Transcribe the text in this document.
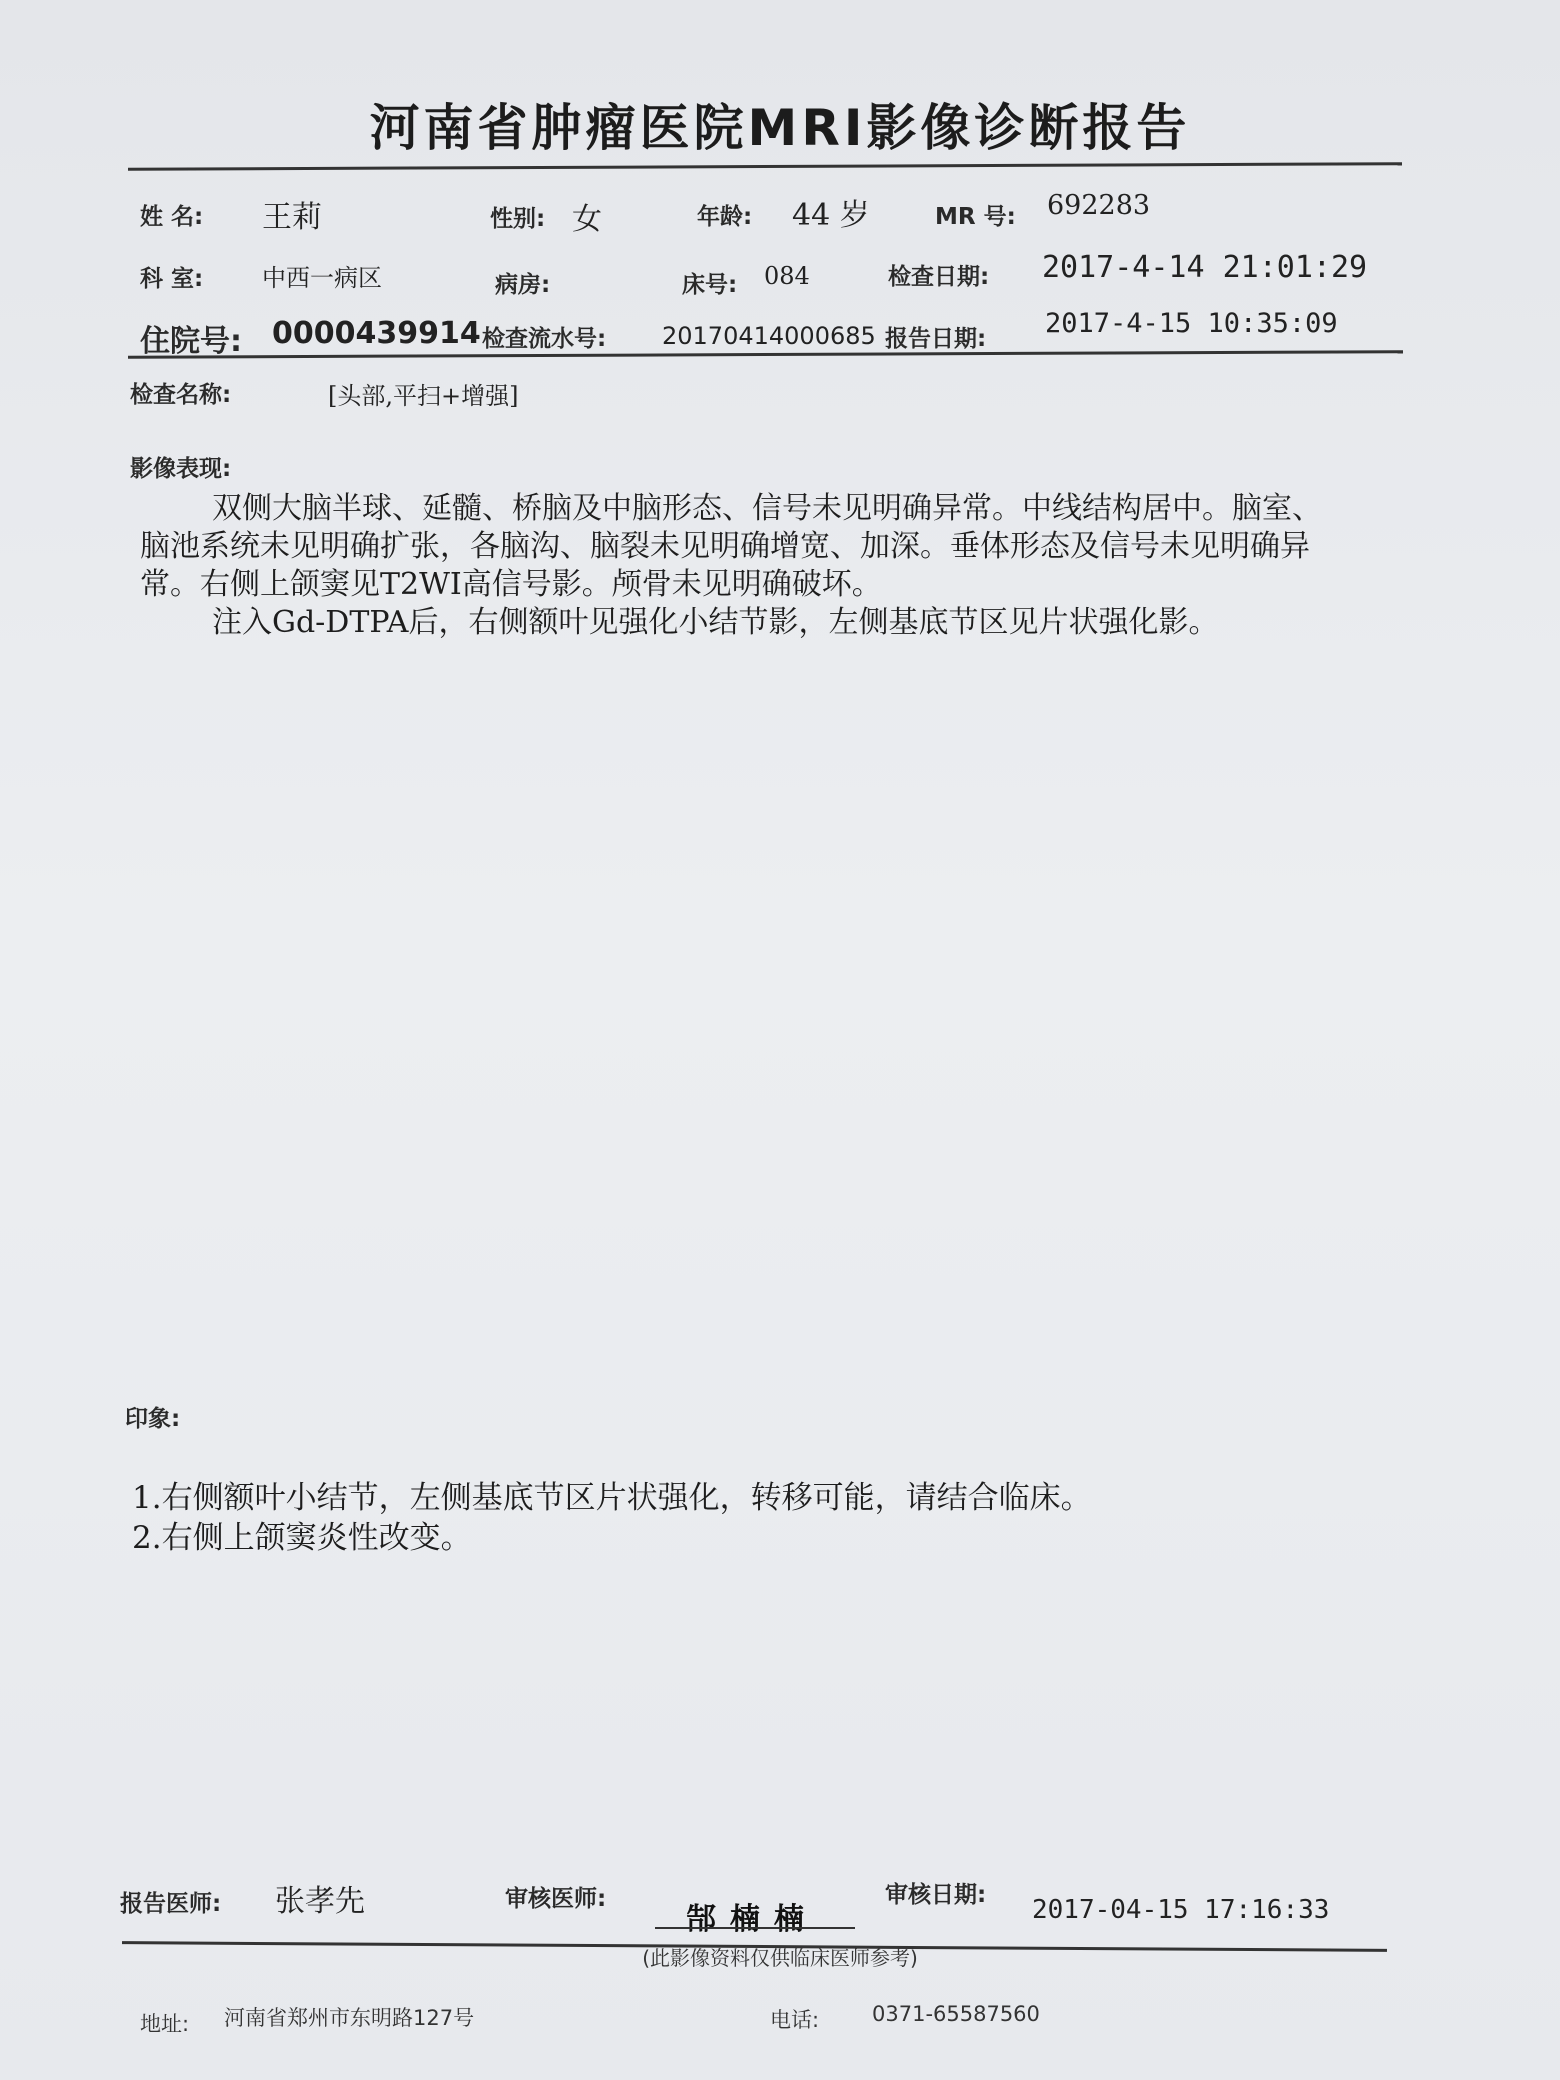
河南省肿瘤医院MRI影像诊断报告
姓 名: 王莉	性别: 女	年龄: 44 岁	MR 号: 692283
科 室: 中西一病区	病房:	床号: 084	检查日期: 2017-4-14 21:01:29
住院号: 0000439914 检查流水号: 20170414000685 报告日期: 2017-4-15 10:35:09
检查名称:	[头部,平扫+增强]
影像表现:

双侧大脑半球、延髓、桥脑及中脑形态、信号未见明确异常。中线结构居中。脑室、脑池系统未见明确扩张，各脑沟、脑裂未见明确增宽、加深。垂体形态及信号未见明确异常。右侧上颌窦见T2WI高信号影。颅骨未见明确破坏。

注入Gd-DTPA后，右侧额叶见强化小结节影，左侧基底节区见片状强化影。

印象:
1.右侧额叶小结节，左侧基底节区片状强化，转移可能，请结合临床。
2.右侧上颌窦炎性改变。
报告医师: 张孝先	审核医师:
郜楠楠
审核日期: 2017-04-15 17:16:33
(此影像资料仅供临床医师参考)
地址: 河南省郑州市东明路127号	电话:	0371-65587560
